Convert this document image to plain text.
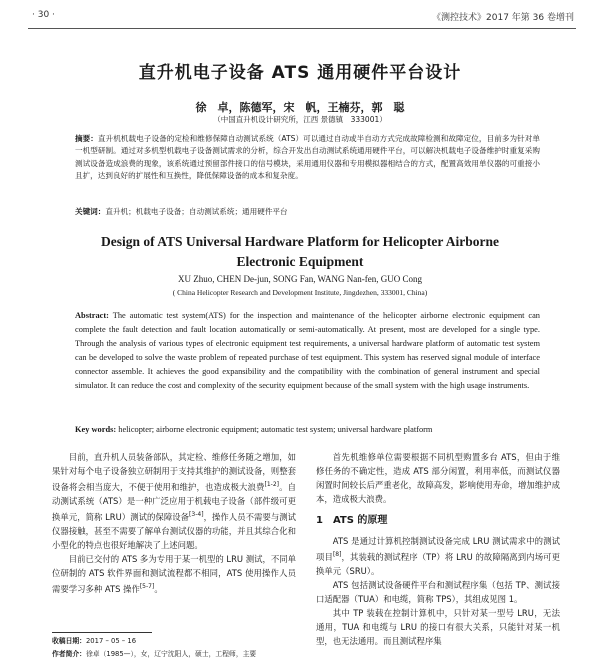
· 30 ·	《测控技术》2017 年第 36 卷增刊
直升机电子设备 ATS 通用硬件平台设计
徐　卓，陈德军，宋　帆，王楠芬，郭　聪
（中国直升机设计研究所，江西 景德镇　333001）
摘要：直升机机载电子设备的定检和维修保障自动测试系统（ATS）可以通过自动或半自动方式完成故障检测和故障定位，目前多为针对单一机型研制。通过对多机型机载电子设备测试需求的分析，综合开发出自动测试系统通用硬件平台，可以解决机载电子设备维护时重复采购测试设备造成浪费的现象，该系统通过预留部件接口的信号模块，采用通用仪器和专用模拟器相结合的方式，配置高效用单仪器的可重接小且扩，达到良好的扩展性和互换性，降低保障设备的成本和复杂度。
关键词：直升机；机载电子设备；自动测试系统；通用硬件平台
Design of ATS Universal Hardware Platform for Helicopter Airborne
Electronic Equipment
XU Zhuo, CHEN De-jun, SONG Fan, WANG Nan-fen, GUO Cong
( China Helicopter Research and Development Institute, Jingdezhen, 333001, China)
Abstract: The automatic test system(ATS) for the inspection and maintenance of the helicopter airborne electronic equipment can complete the fault detection and fault location automatically or semi-automatically. At present, most are developed for a single type. Through the analysis of various types of electronic equipment test requirements, a universal hardware platform of automatic test system can be developed to solve the waste problem of repeated purchase of test equipment. This system has reserved signal module of interface connector assemble. It achieves the good expansibility and the compatibility with the combination of general instrument and special simulator. It can reduce the cost and complexity of the security equipment because of the small system with the high usage instruments.
Key words: helicopter; airborne electronic equipment; automatic test system; universal hardware platform

目前，直升机人员装备部队，其定检、维修任务随之增加，如果针对每个电子设备独立研制用于支持其维护的测试设备，则整套设备将会相当庞大，不便于使用和维护，也造成极大浪费[1-2]。自动测试系统（ATS）是一种广泛应用于机载电子设备（部件级可更换单元，简称 LRU）测试的保障设备[3-4]，操作人员不需要与测试仪器接触，甚至不需要了解单台测试仪器的功能，并且其综合化和小型化的特点也很好地解决了上述问题。

目前已交付的 ATS 多为专用于某一机型的 LRU 测试，不同单位研制的 ATS 软件界面和测试流程都不相同，ATS 使用操作人员需要学习多种 ATS 操作[5-7]。

收稿日期：2017 – 05 – 16
作者简介：徐卓（1985—），女，辽宁沈阳人，硕士，工程师，主要

首先机维修单位需要根据不同机型购置多台 ATS，但由于维修任务的不确定性，造成 ATS 部分闲置，利用率低，而测试仪器闲置时间较长后严重老化，故障高发，影响使用寿命，增加维护成本，造成极大浪费。

1 ATS 的原理

ATS 是通过计算机控制测试设备完成 LRU 测试需求中的测试项目[8]，其装载的测试程序（TP）将 LRU 的故障隔离到内场可更换单元（SRU）。

ATS 包括测试设备硬件平台和测试程序集（包括 TP、测试接口适配器（TUA）和电缆，简称 TPS），其组成见图 1。

其中 TP 装载在控制计算机中，只针对某一型号 LRU，无法通用，TUA 和电缆与 LRU 的接口有很大关系，只能针对某一机型，也无法通用。而且测试程序集
